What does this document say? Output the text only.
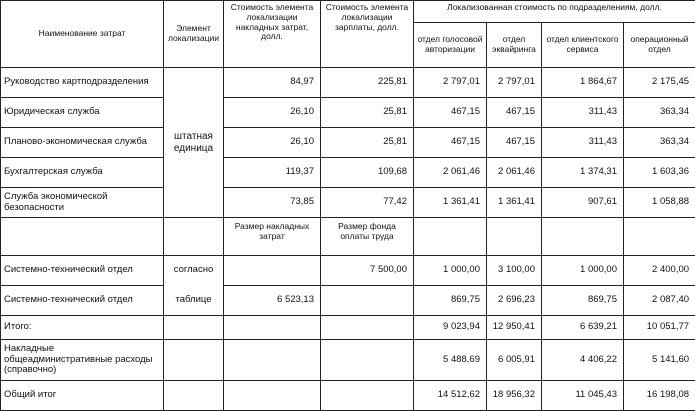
Наименование затрат	Элемент локализации	Стоимость элемента локализации накладных затрат, долл.	Стоимость элемента локализации зарплаты, долл.	Локализованная стоимость по подразделениям, долл.			
				отдел голосовой авторизации	отдел эквайринга	отдел клиентского сервиса	операционный отдел
Руководство картподразделения	штатная единица	84,97	225,81	2 797,01	2 797,01	1 864,67	2 175,45
Юридическая служба		26,10	25,81	467,15	467,15	311,43	363,34
Планово-экономическая служба		26,10	25,81	467,15	467,15	311,43	363,34
Бухгалтерская служба		119,37	109,68	2 061,46	2 061,46	1 374,31	1 603,36
Служба экономической безопасности		73,85	77,42	1 361,41	1 361,41	907,61	1 058,88
		Размер накладных затрат	Размер фонда оплаты труда				
Системно-технический отдел	согласно		7 500,00	1 000,00	3 100,00	1 000,00	2 400,00
Системно-технический отдел	таблице	6 523,13		869,75	2 696,23	869,75	2 087,40
Итого:				9 023,94	12 950,41	6 639,21	10 051,77
Накладные общеадминистративные расходы (справочно)				5 488,69	6 005,91	4 406,22	5 141,60
Общий итог				14 512,62	18 956,32	11 045,43	16 198,08
